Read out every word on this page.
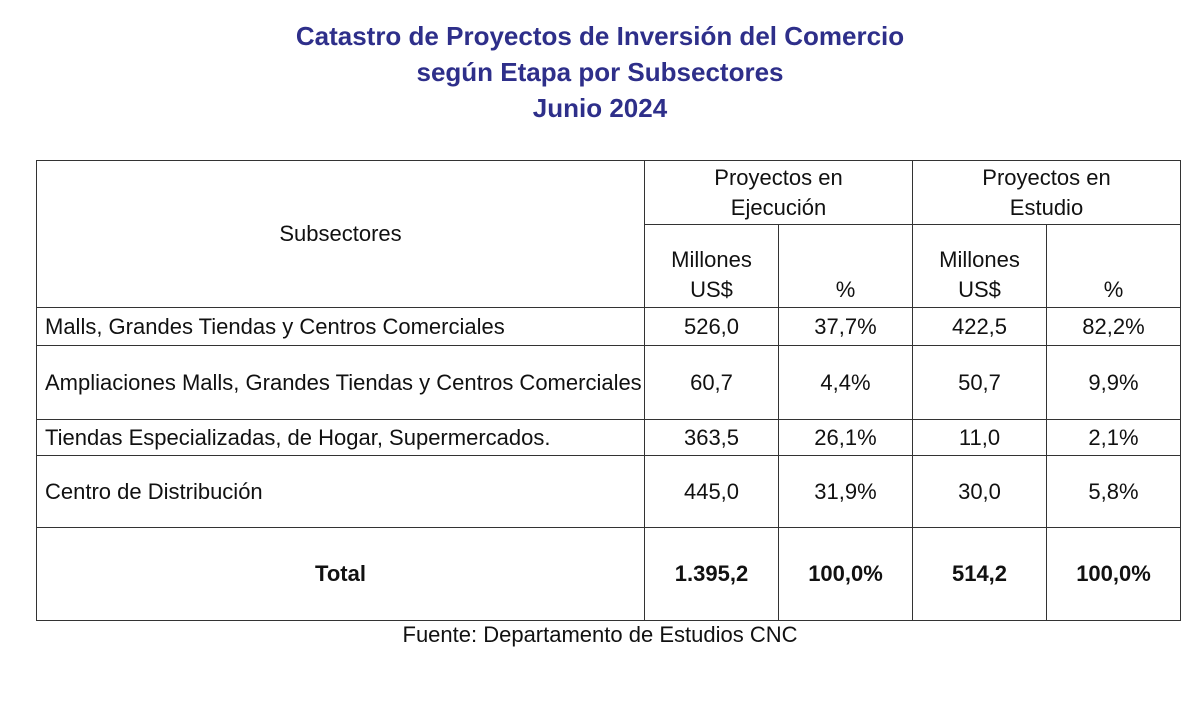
Catastro de Proyectos de Inversión del Comercio
según Etapa por Subsectores
Junio 2024
Subsectores	Proyectos en Ejecución		Proyectos en Estudio	

	Millones US$	%	Millones US$	%
Malls, Grandes Tiendas y Centros Comerciales	526,0	37,7%	422,5	82,2%
Ampliaciones Malls, Grandes Tiendas y Centros Comerciales	60,7	4,4%	50,7	9,9%
Tiendas Especializadas, de Hogar, Supermercados.	363,5	26,1%	11,0	2,1%
Centro de Distribución	445,0	31,9%	30,0	5,8%
Total	1.395,2	100,0%	514,2	100,0%
Fuente: Departamento de Estudios CNC
